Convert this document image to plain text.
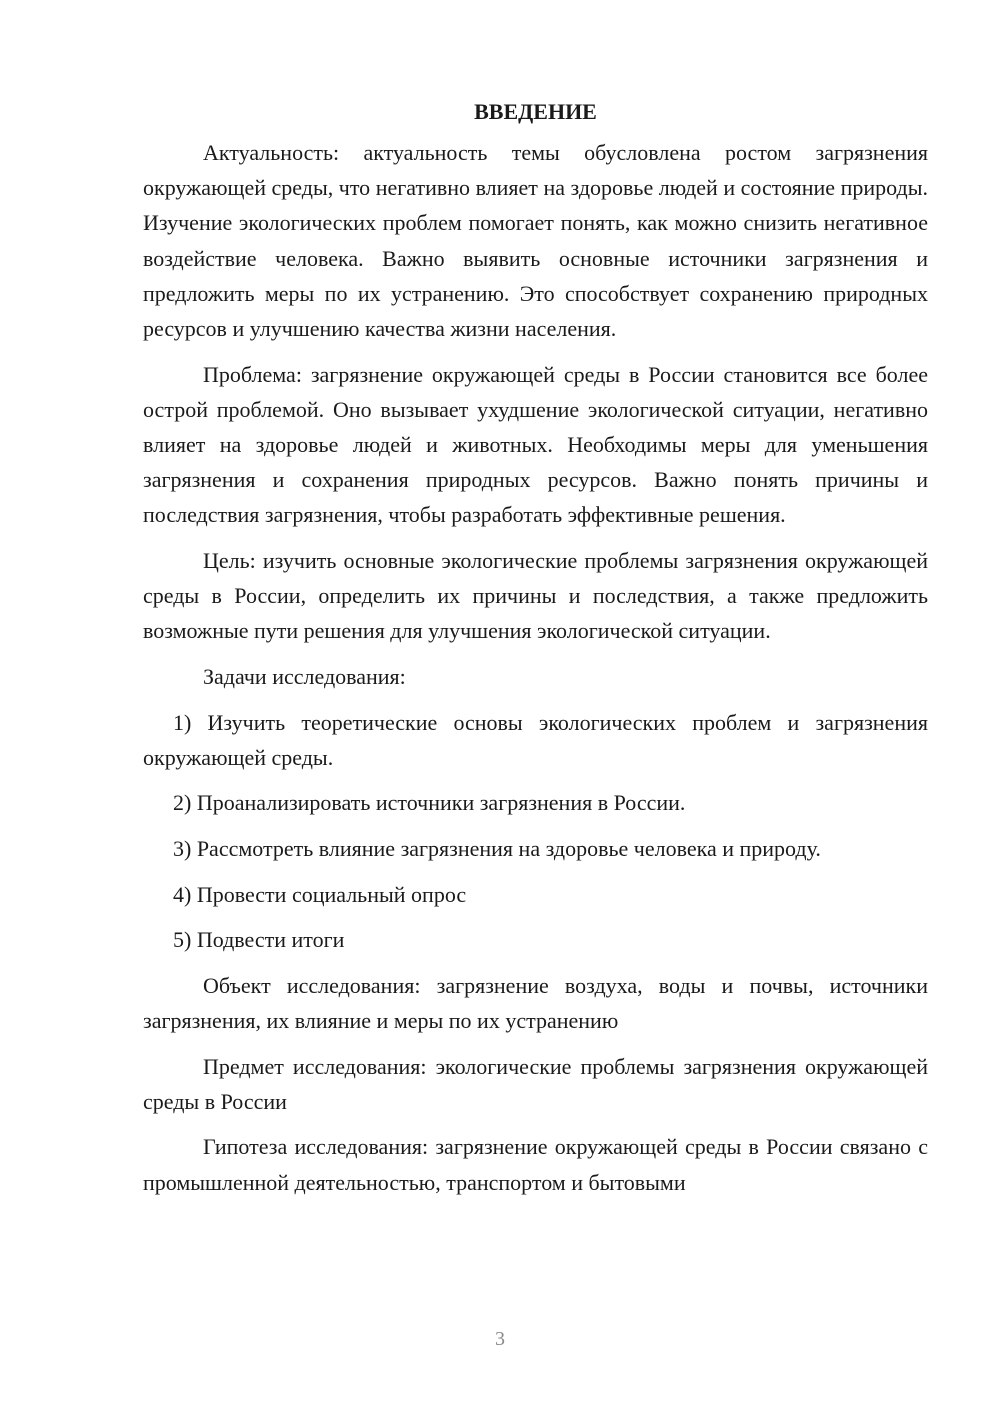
ВВЕДЕНИЕ

Актуальность: актуальность темы обусловлена ростом загрязнения окружающей среды, что негативно влияет на здоровье людей и состояние природы. Изучение экологических проблем помогает понять, как можно снизить негативное воздействие человека. Важно выявить основные источники загрязнения и предложить меры по их устранению. Это способствует сохранению природных ресурсов и улучшению качества жизни населения.

Проблема: загрязнение окружающей среды в России становится все более острой проблемой. Оно вызывает ухудшение экологической ситуации, негативно влияет на здоровье людей и животных. Необходимы меры для уменьшения загрязнения и сохранения природных ресурсов. Важно понять причины и последствия загрязнения, чтобы разработать эффективные решения.

Цель: изучить основные экологические проблемы загрязнения окружающей среды в России, определить их причины и последствия, а также предложить возможные пути решения для улучшения экологической ситуации.

Задачи исследования:

1) Изучить теоретические основы экологических проблем и загрязнения окружающей среды.

2) Проанализировать источники загрязнения в России.

3) Рассмотреть влияние загрязнения на здоровье человека и природу.

4) Провести социальный опрос

5) Подвести итоги

Объект исследования: загрязнение воздуха, воды и почвы, источники загрязнения, их влияние и меры по их устранению

Предмет исследования: экологические проблемы загрязнения окружающей среды в России

Гипотеза исследования: загрязнение окружающей среды в России связано с промышленной деятельностью, транспортом и бытовыми

3
